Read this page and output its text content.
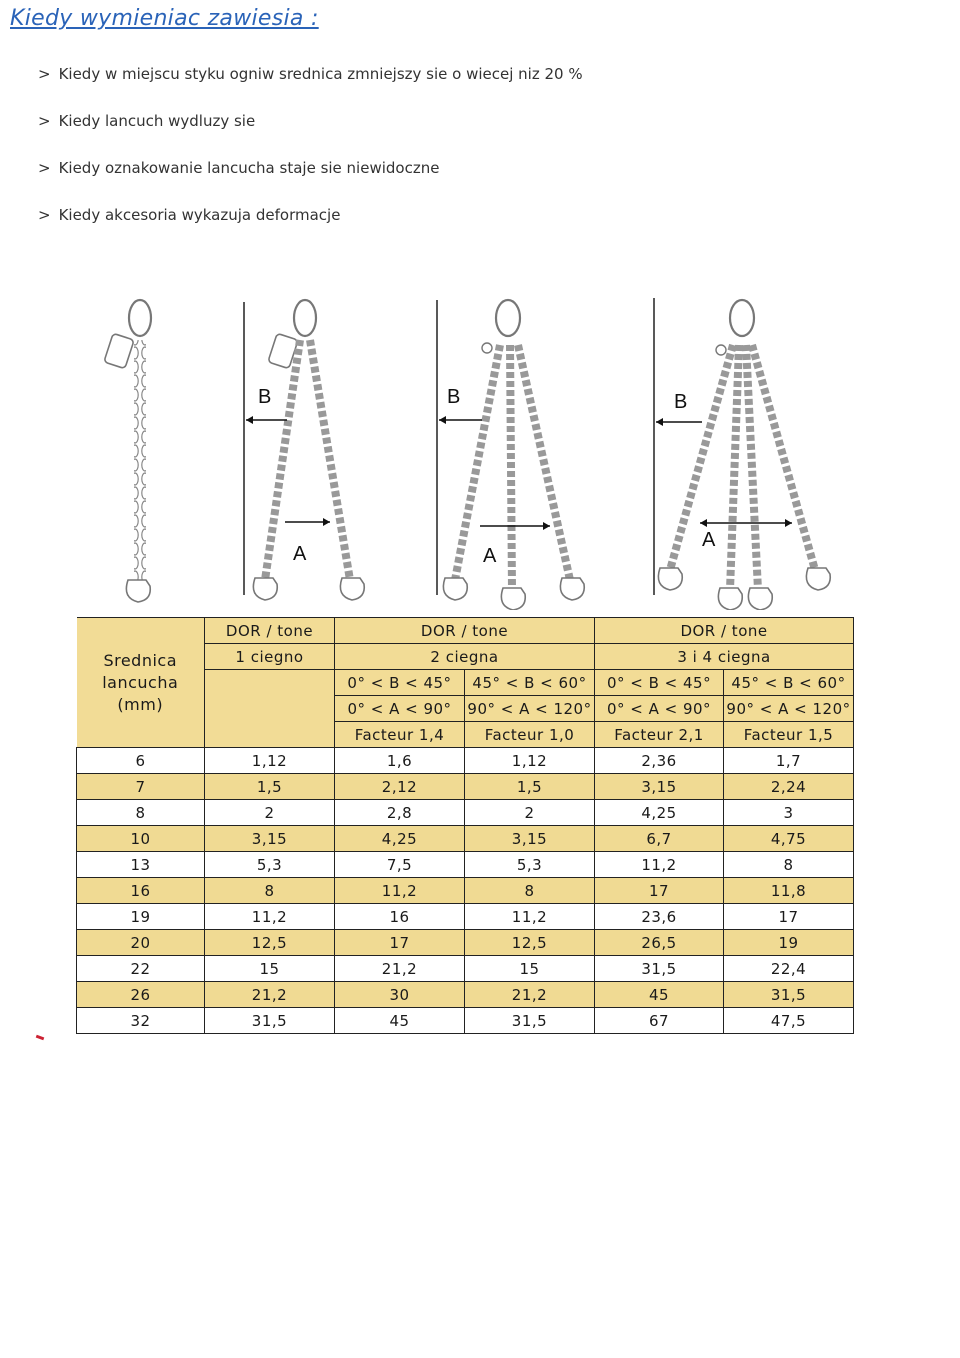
Kiedy wymieniac zawiesia :
> Kiedy w miejscu styku ogniw srednica zmniejszy sie o wiecej niz 20 %
> Kiedy lancuch wydluzy sie
> Kiedy oznakowanie lancucha staje sie niewidoczne
> Kiedy akcesoria wykazuja deformacje
B
A
B
A
B
A
Srednica
lancucha
(mm)	DOR / tone	DOR / tone		DOR / tone	
	1 ciegno	2 ciegna		3 i 4 ciegna	
		0° < B < 45°	45° < B < 60°	0° < B < 45°	45° < B < 60°
		0° < A < 90°	90° < A < 120°	0° < A < 90°	90° < A < 120°
		Facteur 1,4	Facteur 1,0	Facteur 2,1	Facteur 1,5
6	1,12	1,6	1,12	2,36	1,7
7	1,5	2,12	1,5	3,15	2,24
8	2	2,8	2	4,25	3
10	3,15	4,25	3,15	6,7	4,75
13	5,3	7,5	5,3	11,2	8
16	8	11,2	8	17	11,8
19	11,2	16	11,2	23,6	17
20	12,5	17	12,5	26,5	19
22	15	21,2	15	31,5	22,4
26	21,2	30	21,2	45	31,5
32	31,5	45	31,5	67	47,5
